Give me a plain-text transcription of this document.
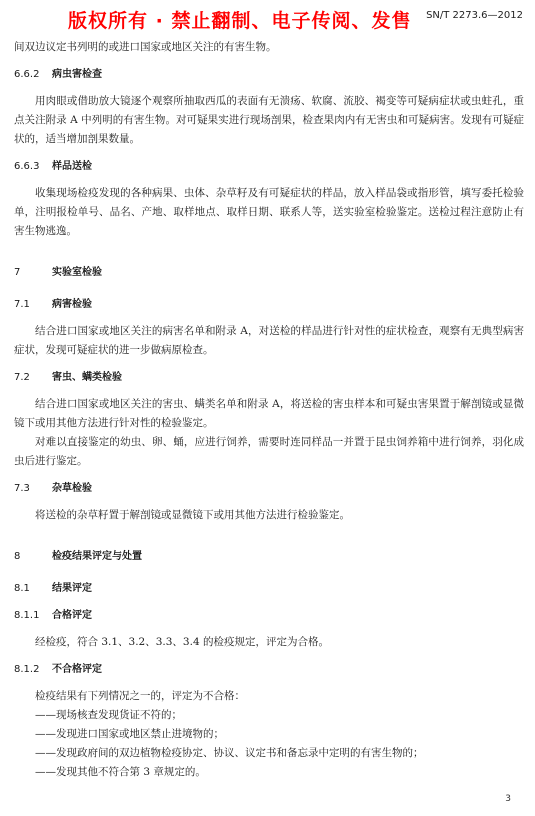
版权所有 · 禁止翻制、电子传阅、发售 SN/T 2273.6—2012

间双边议定书列明的或进口国家或地区关注的有害生物。

6.6.2 病虫害检查

用肉眼或借助放大镜逐个观察所抽取西瓜的表面有无溃疡、软腐、流胶、褐变等可疑病症状或虫蛀孔，重点关注附录 A 中列明的有害生物。对可疑果实进行现场剖果，检查果肉内有无害虫和可疑病害。发现有可疑症状的，适当增加剖果数量。

6.6.3 样品送检

收集现场检疫发现的各种病果、虫体、杂草籽及有可疑症状的样品，放入样品袋或指形管，填写委托检验单，注明报检单号、品名、产地、取样地点、取样日期、联系人等，送实验室检验鉴定。送检过程注意防止有害生物逃逸。

7	实验室检验

7.1 病害检验

结合进口国家或地区关注的病害名单和附录 A，对送检的样品进行针对性的症状检查，观察有无典型病害症状，发现可疑症状的进一步做病原检查。

7.2 害虫、螨类检验

结合进口国家或地区关注的害虫、螨类名单和附录 A，将送检的害虫样本和可疑虫害果置于解剖镜或显微镜下或用其他方法进行针对性的检验鉴定。

对难以直接鉴定的幼虫、卵、蛹，应进行饲养，需要时连同样品一并置于昆虫饲养箱中进行饲养，羽化成虫后进行鉴定。

7.3 杂草检验

将送检的杂草籽置于解剖镜或显微镜下或用其他方法进行检验鉴定。

8	检疫结果评定与处置

8.1 结果评定

8.1.1 合格评定

经检疫，符合 3.1、3.2、3.3、3.4 的检疫规定，评定为合格。

8.1.2 不合格评定

检疫结果有下列情况之一的，评定为不合格：

——现场核查发现货证不符的；

——发现进口国家或地区禁止进境物的；

——发现政府间的双边植物检疫协定、协议、议定书和备忘录中定明的有害生物的；

——发现其他不符合第 3 章规定的。

3
